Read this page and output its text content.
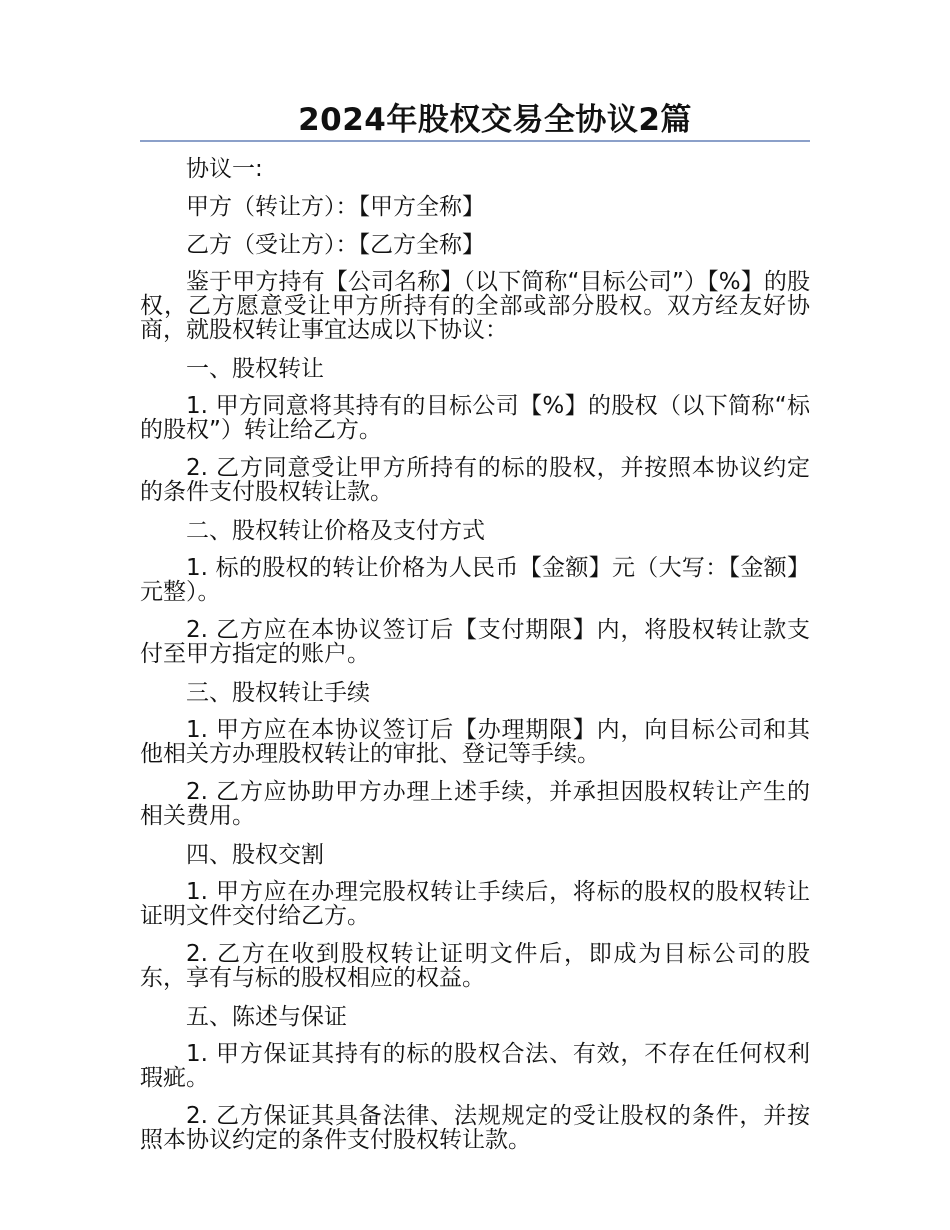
2024年股权交易全协议2篇

协议一:

甲方（转让方）：【甲方全称】

乙方（受让方）：【乙方全称】

鉴于甲方持有【公司名称】（以下简称“目标公司”）【%】的股权，乙方愿意受让甲方所持有的全部或部分股权。双方经友好协商，就股权转让事宜达成以下协议：

一、股权转让

1. 甲方同意将其持有的目标公司【%】的股权（以下简称“标的股权”）转让给乙方。

2. 乙方同意受让甲方所持有的标的股权，并按照本协议约定的条件支付股权转让款。

二、股权转让价格及支付方式

1. 标的股权的转让价格为人民币【金额】元（大写：【金额】元整）。

2. 乙方应在本协议签订后【支付期限】内，将股权转让款支付至甲方指定的账户。

三、股权转让手续

1. 甲方应在本协议签订后【办理期限】内，向目标公司和其他相关方办理股权转让的审批、登记等手续。

2. 乙方应协助甲方办理上述手续，并承担因股权转让产生的相关费用。

四、股权交割

1. 甲方应在办理完股权转让手续后，将标的股权的股权转让证明文件交付给乙方。

2. 乙方在收到股权转让证明文件后，即成为目标公司的股东，享有与标的股权相应的权益。

五、陈述与保证

1. 甲方保证其持有的标的股权合法、有效，不存在任何权利瑕疵。

2. 乙方保证其具备法律、法规规定的受让股权的条件，并按照本协议约定的条件支付股权转让款。
